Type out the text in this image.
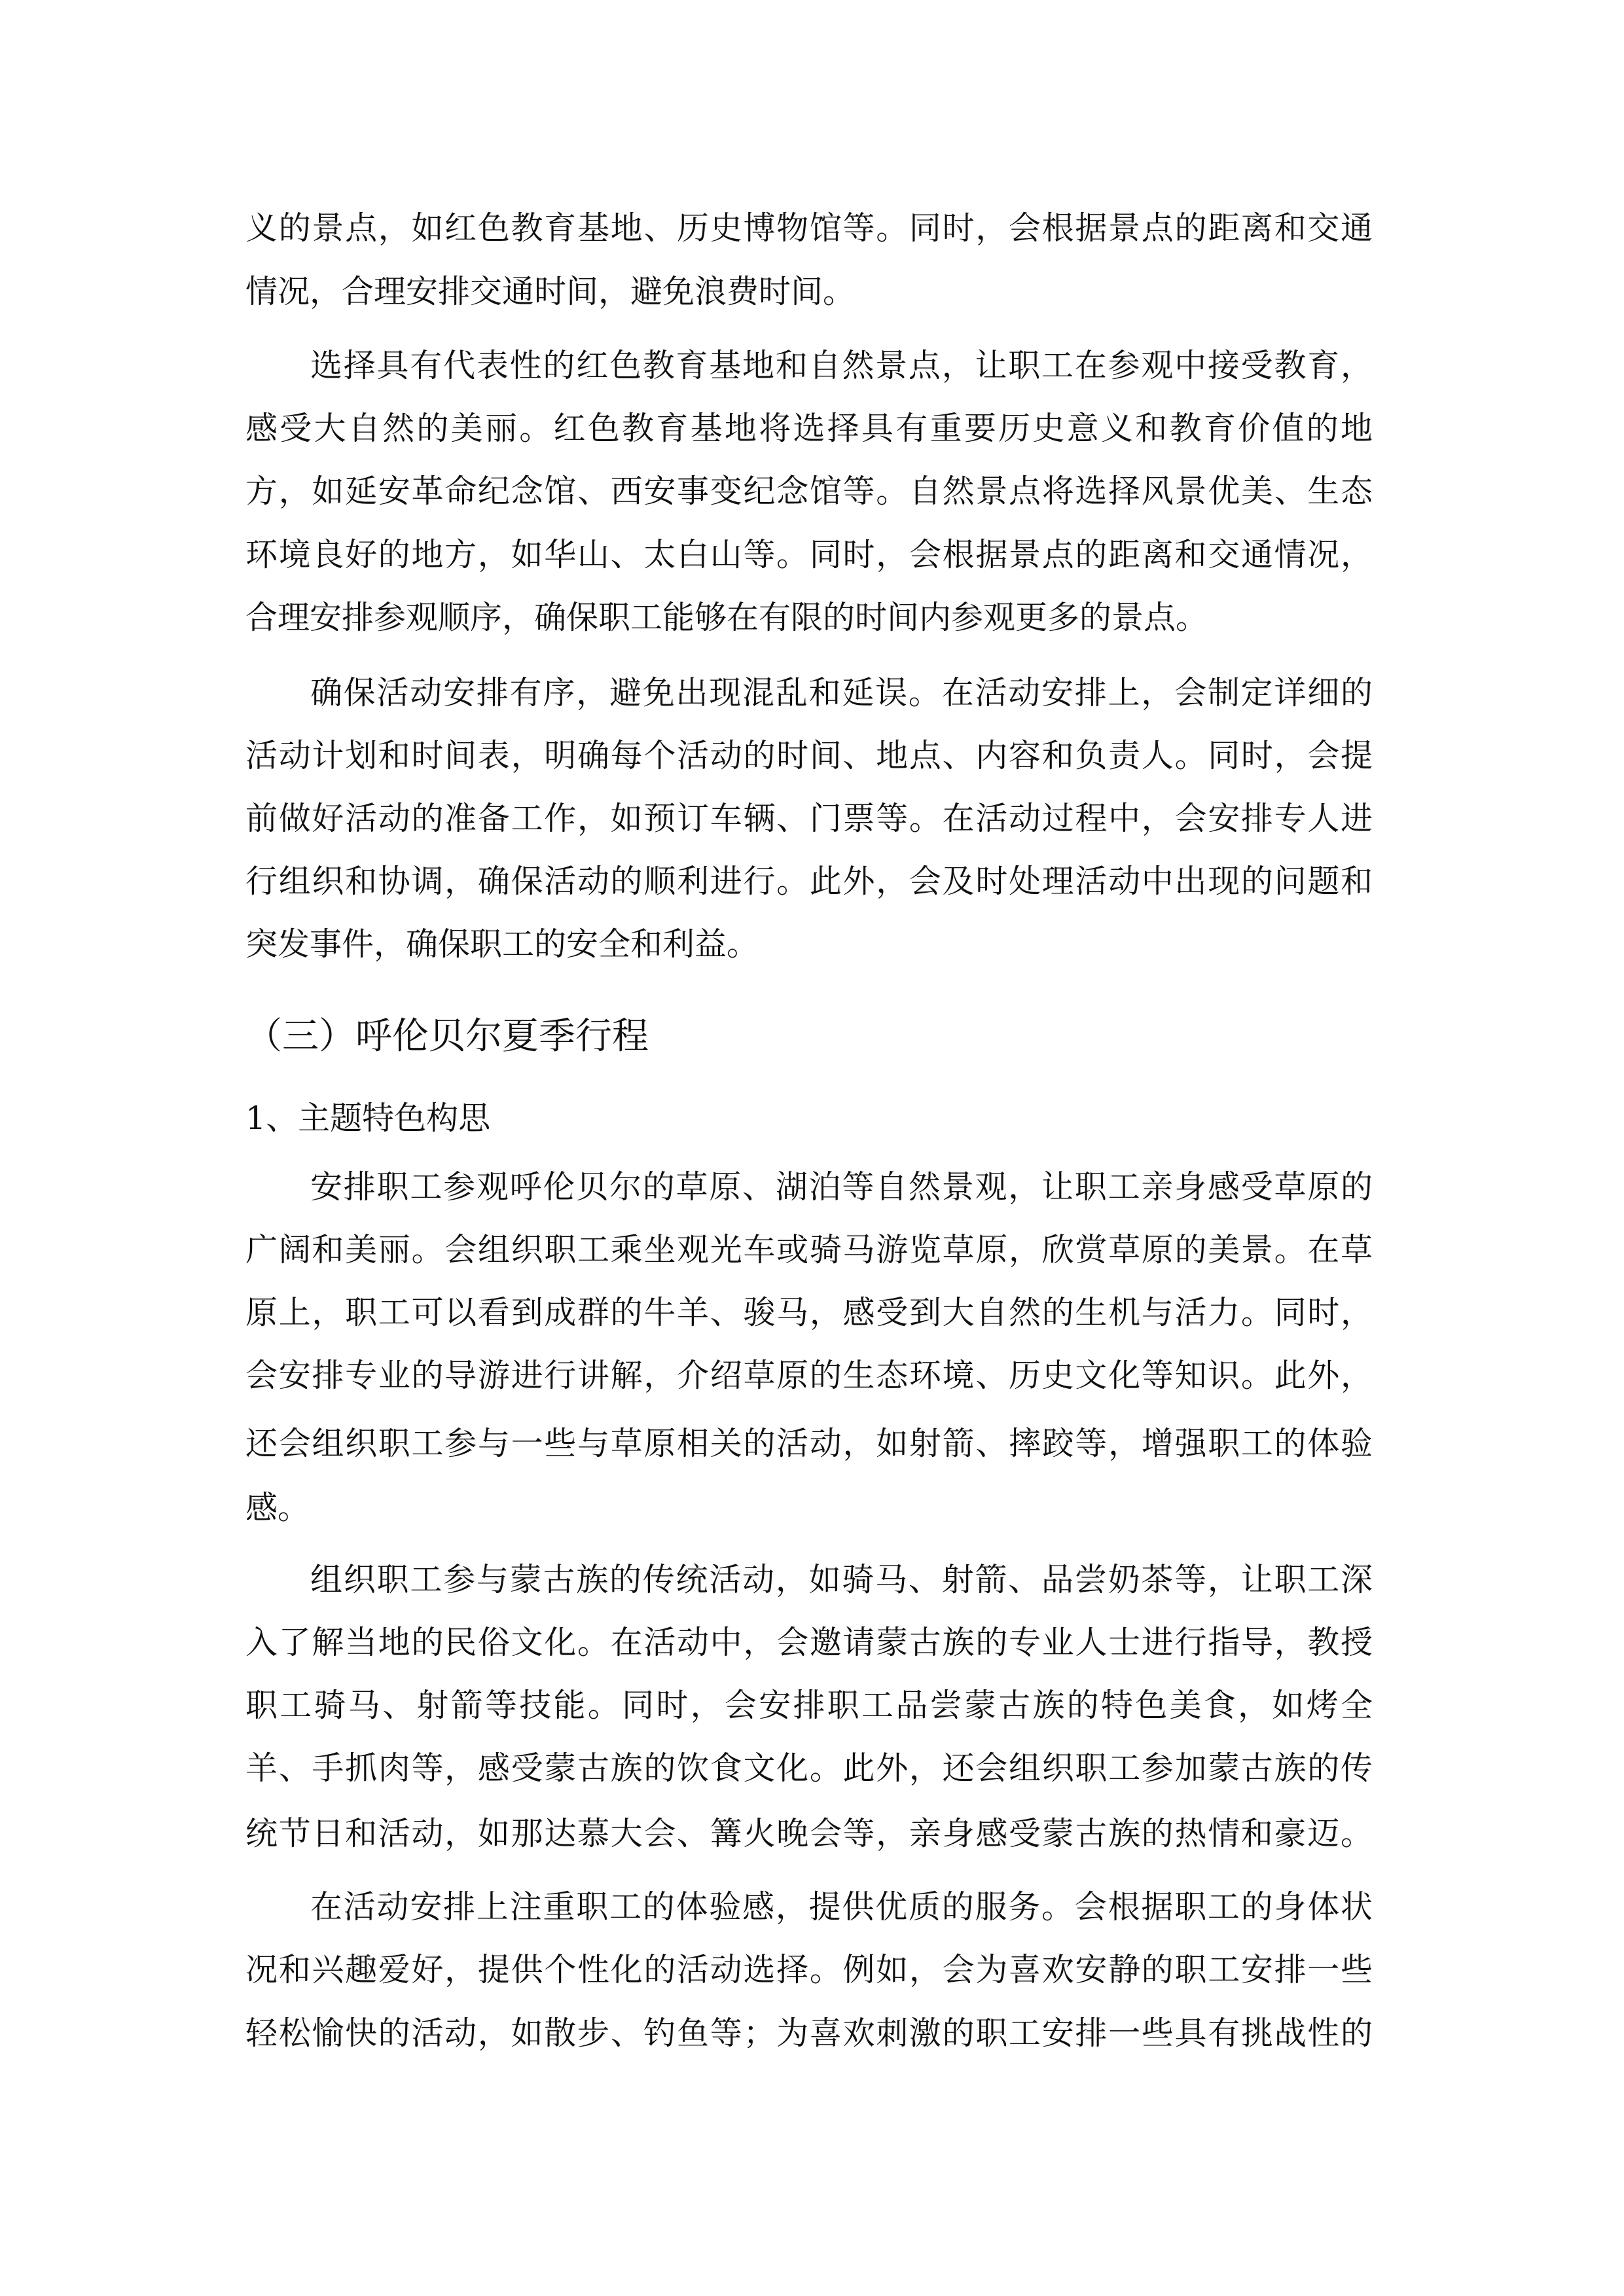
义的景点，如红色教育基地、历史博物馆等。同时，会根据景点的距离和交通
情况，合理安排交通时间，避免浪费时间。
选择具有代表性的红色教育基地和自然景点，让职工在参观中接受教育，
感受大自然的美丽。红色教育基地将选择具有重要历史意义和教育价值的地
方，如延安革命纪念馆、西安事变纪念馆等。自然景点将选择风景优美、生态
环境良好的地方，如华山、太白山等。同时，会根据景点的距离和交通情况，
合理安排参观顺序，确保职工能够在有限的时间内参观更多的景点。
确保活动安排有序，避免出现混乱和延误。在活动安排上，会制定详细的
活动计划和时间表，明确每个活动的时间、地点、内容和负责人。同时，会提
前做好活动的准备工作，如预订车辆、门票等。在活动过程中，会安排专人进
行组织和协调，确保活动的顺利进行。此外，会及时处理活动中出现的问题和
突发事件，确保职工的安全和利益。
（三）呼伦贝尔夏季行程
1、主题特色构思
安排职工参观呼伦贝尔的草原、湖泊等自然景观，让职工亲身感受草原的
广阔和美丽。会组织职工乘坐观光车或骑马游览草原，欣赏草原的美景。在草
原上，职工可以看到成群的牛羊、骏马，感受到大自然的生机与活力。同时，
会安排专业的导游进行讲解，介绍草原的生态环境、历史文化等知识。此外，
还会组织职工参与一些与草原相关的活动，如射箭、摔跤等，增强职工的体验
感。
组织职工参与蒙古族的传统活动，如骑马、射箭、品尝奶茶等，让职工深
入了解当地的民俗文化。在活动中，会邀请蒙古族的专业人士进行指导，教授
职工骑马、射箭等技能。同时，会安排职工品尝蒙古族的特色美食，如烤全
羊、手抓肉等，感受蒙古族的饮食文化。此外，还会组织职工参加蒙古族的传
统节日和活动，如那达慕大会、篝火晚会等，亲身感受蒙古族的热情和豪迈。
在活动安排上注重职工的体验感，提供优质的服务。会根据职工的身体状
况和兴趣爱好，提供个性化的活动选择。例如，会为喜欢安静的职工安排一些
轻松愉快的活动，如散步、钓鱼等；为喜欢刺激的职工安排一些具有挑战性的
